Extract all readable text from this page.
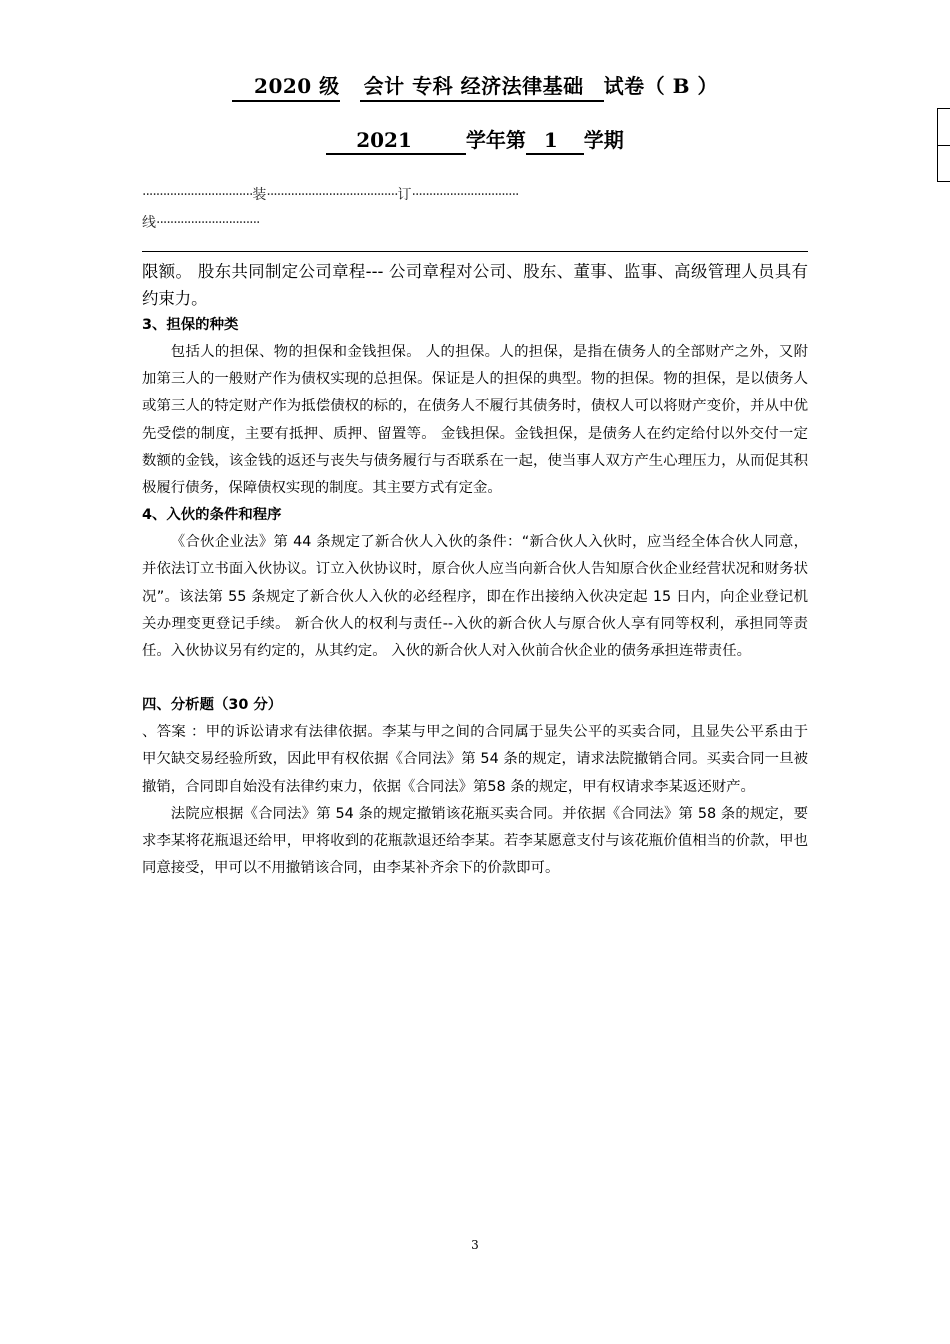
2020 级 会计 专科 经济法律基础 试卷（ B ）
2021	学年第 1 学期
································装······································订·······························
线······························

限额。 股东共同制定公司章程--- 公司章程对公司、股东、董事、监事、高级管理人员具有约束力。

3、担保的种类

包括人的担保、物的担保和金钱担保。 人的担保。人的担保，是指在债务人的全部财产之外，又附加第三人的一般财产作为债权实现的总担保。保证是人的担保的典型。物的担保。物的担保，是以债务人或第三人的特定财产作为抵偿债权的标的，在债务人不履行其债务时，债权人可以将财产变价，并从中优先受偿的制度，主要有抵押、质押、留置等。 金钱担保。金钱担保，是债务人在约定给付以外交付一定数额的金钱，该金钱的返还与丧失与债务履行与否联系在一起，使当事人双方产生心理压力，从而促其积极履行债务，保障债权实现的制度。其主要方式有定金。

4、入伙的条件和程序

《合伙企业法》第 44 条规定了新合伙人入伙的条件：“新合伙人入伙时，应当经全体合伙人同意，并依法订立书面入伙协议。订立入伙协议时，原合伙人应当向新合伙人告知原合伙企业经营状况和财务状况”。该法第 55 条规定了新合伙人入伙的必经程序，即在作出接纳入伙决定起 15 日内，向企业登记机关办理变更登记手续。 新合伙人的权利与责任--入伙的新合伙人与原合伙人享有同等权利，承担同等责任。入伙协议另有约定的，从其约定。 入伙的新合伙人对入伙前合伙企业的债务承担连带责任。

四、分析题（30 分）

、答案 ：甲的诉讼请求有法律依据。李某与甲之间的合同属于显失公平的买卖合同，且显失公平系由于甲欠缺交易经验所致，因此甲有权依据《合同法》第 54 条的规定，请求法院撤销合同。买卖合同一旦被撤销，合同即自始没有法律约束力，依据《合同法》第58 条的规定，甲有权请求李某返还财产。

法院应根据《合同法》第 54 条的规定撤销该花瓶买卖合同。并依据《合同法》第 58 条的规定，要求李某将花瓶退还给甲，甲将收到的花瓶款退还给李某。若李某愿意支付与该花瓶价值相当的价款，甲也同意接受，甲可以不用撤销该合同，由李某补齐余下的价款即可。

3
